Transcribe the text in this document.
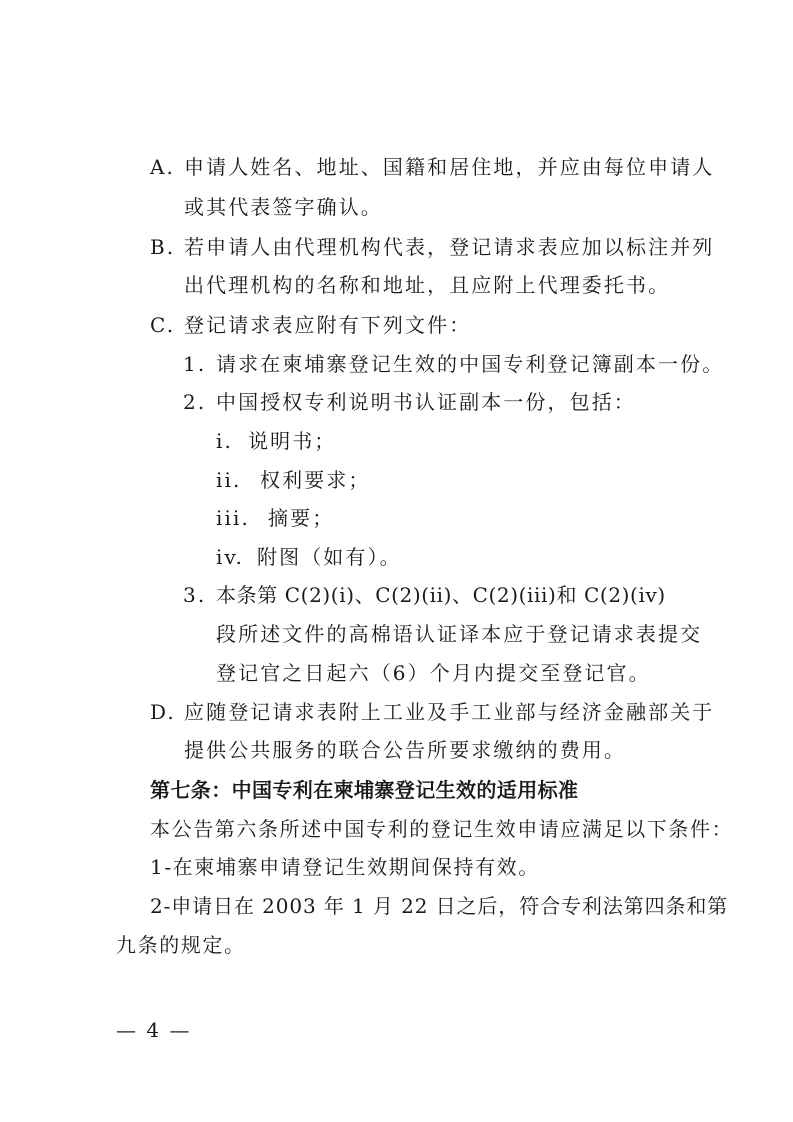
A. 申请人姓名、地址、国籍和居住地，并应由每位申请人
或其代表签字确认。
B. 若申请人由代理机构代表，登记请求表应加以标注并列
出代理机构的名称和地址，且应附上代理委托书。
C. 登记请求表应附有下列文件：
1. 请求在柬埔寨登记生效的中国专利登记簿副本一份。
2. 中国授权专利说明书认证副本一份，包括：
i. 说明书；
ii. 权利要求；
iii. 摘要；
iv. 附图（如有）。
3. 本条第 C(2)(i)、C(2)(ii)、C(2)(iii)和 C(2)(iv)
段所述文件的高棉语认证译本应于登记请求表提交
登记官之日起六（6）个月内提交至登记官。
D. 应随登记请求表附上工业及手工业部与经济金融部关于
提供公共服务的联合公告所要求缴纳的费用。
第七条：中国专利在柬埔寨登记生效的适用标准
本公告第六条所述中国专利的登记生效申请应满足以下条件：
1-在柬埔寨申请登记生效期间保持有效。
2-申请日在 2003 年 1 月 22 日之后，符合专利法第四条和第
九条的规定。
— 4 —
